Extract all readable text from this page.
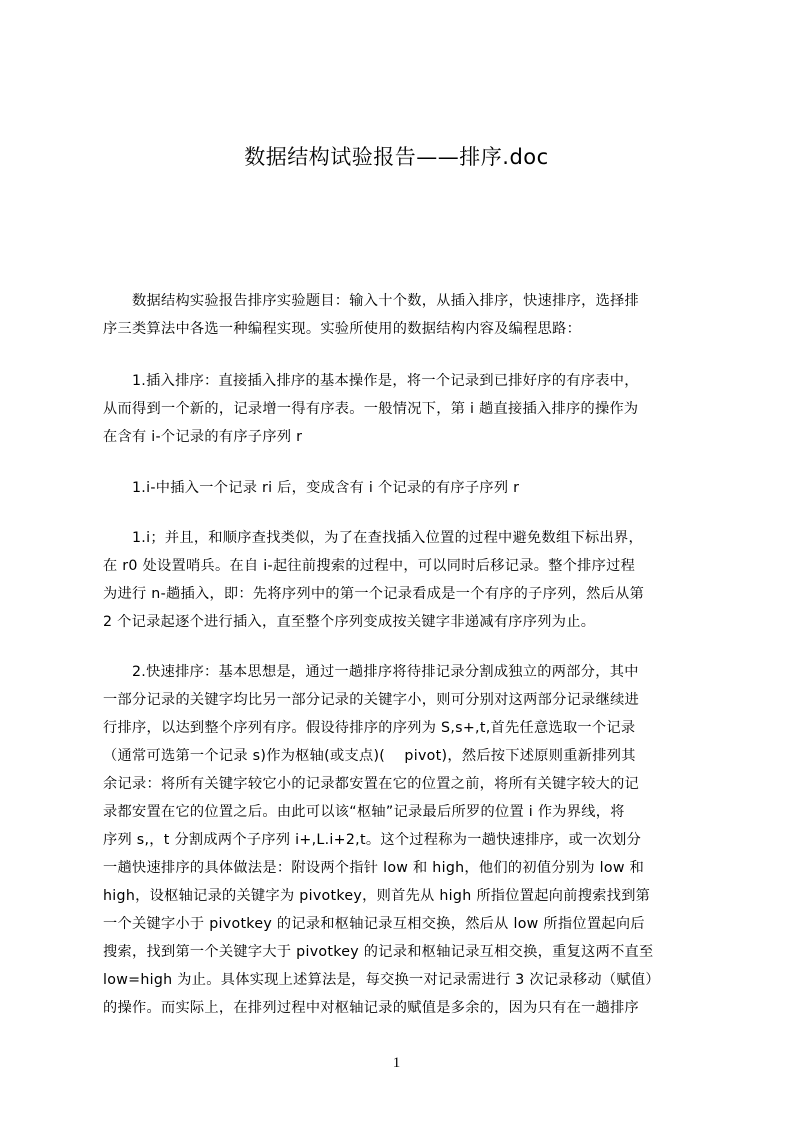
数据结构试验报告——排序.doc
　　数据结构实验报告排序实验题目：输入十个数，从插入排序，快速排序，选择排
序三类算法中各选一种编程实现。实验所使用的数据结构内容及编程思路：
　　1.插入排序：直接插入排序的基本操作是，将一个记录到已排好序的有序表中，
从而得到一个新的，记录增一得有序表。一般情况下，第 i 趟直接插入排序的操作为
在含有 i-个记录的有序子序列 r
　　1.i-中插入一个记录 ri 后，变成含有 i 个记录的有序子序列 r
　　1.i；并且，和顺序查找类似，为了在查找插入位置的过程中避免数组下标出界，
在 r0 处设置哨兵。在自 i-起往前搜索的过程中，可以同时后移记录。整个排序过程
为进行 n-趟插入，即：先将序列中的第一个记录看成是一个有序的子序列，然后从第
2 个记录起逐个进行插入，直至整个序列变成按关键字非递减有序序列为止。
　　2.快速排序：基本思想是，通过一趟排序将待排记录分割成独立的两部分，其中
一部分记录的关键字均比另一部分记录的关键字小，则可分别对这两部分记录继续进
行排序，以达到整个序列有序。假设待排序的序列为 S,s+,t,首先任意选取一个记录
（通常可选第一个记录 s)作为枢轴(或支点)(　 pivot)，然后按下述原则重新排列其
余记录：将所有关键字较它小的记录都安置在它的位置之前，将所有关键字较大的记
录都安置在它的位置之后。由此可以该“枢轴”记录最后所罗的位置 i 作为界线，将
序列 s,，t 分割成两个子序列 i+,L.i+2,t。这个过程称为一趟快速排序，或一次划分
一趟快速排序的具体做法是：附设两个指针 low 和 high，他们的初值分别为 low 和
high，设枢轴记录的关键字为 pivotkey，则首先从 high 所指位置起向前搜索找到第
一个关键字小于 pivotkey 的记录和枢轴记录互相交换，然后从 low 所指位置起向后
搜索，找到第一个关键字大于 pivotkey 的记录和枢轴记录互相交换，重复这两不直至
low=high 为止。具体实现上述算法是，每交换一对记录需进行 3 次记录移动（赋值）
的操作。而实际上，在排列过程中对枢轴记录的赋值是多余的，因为只有在一趟排序
1
